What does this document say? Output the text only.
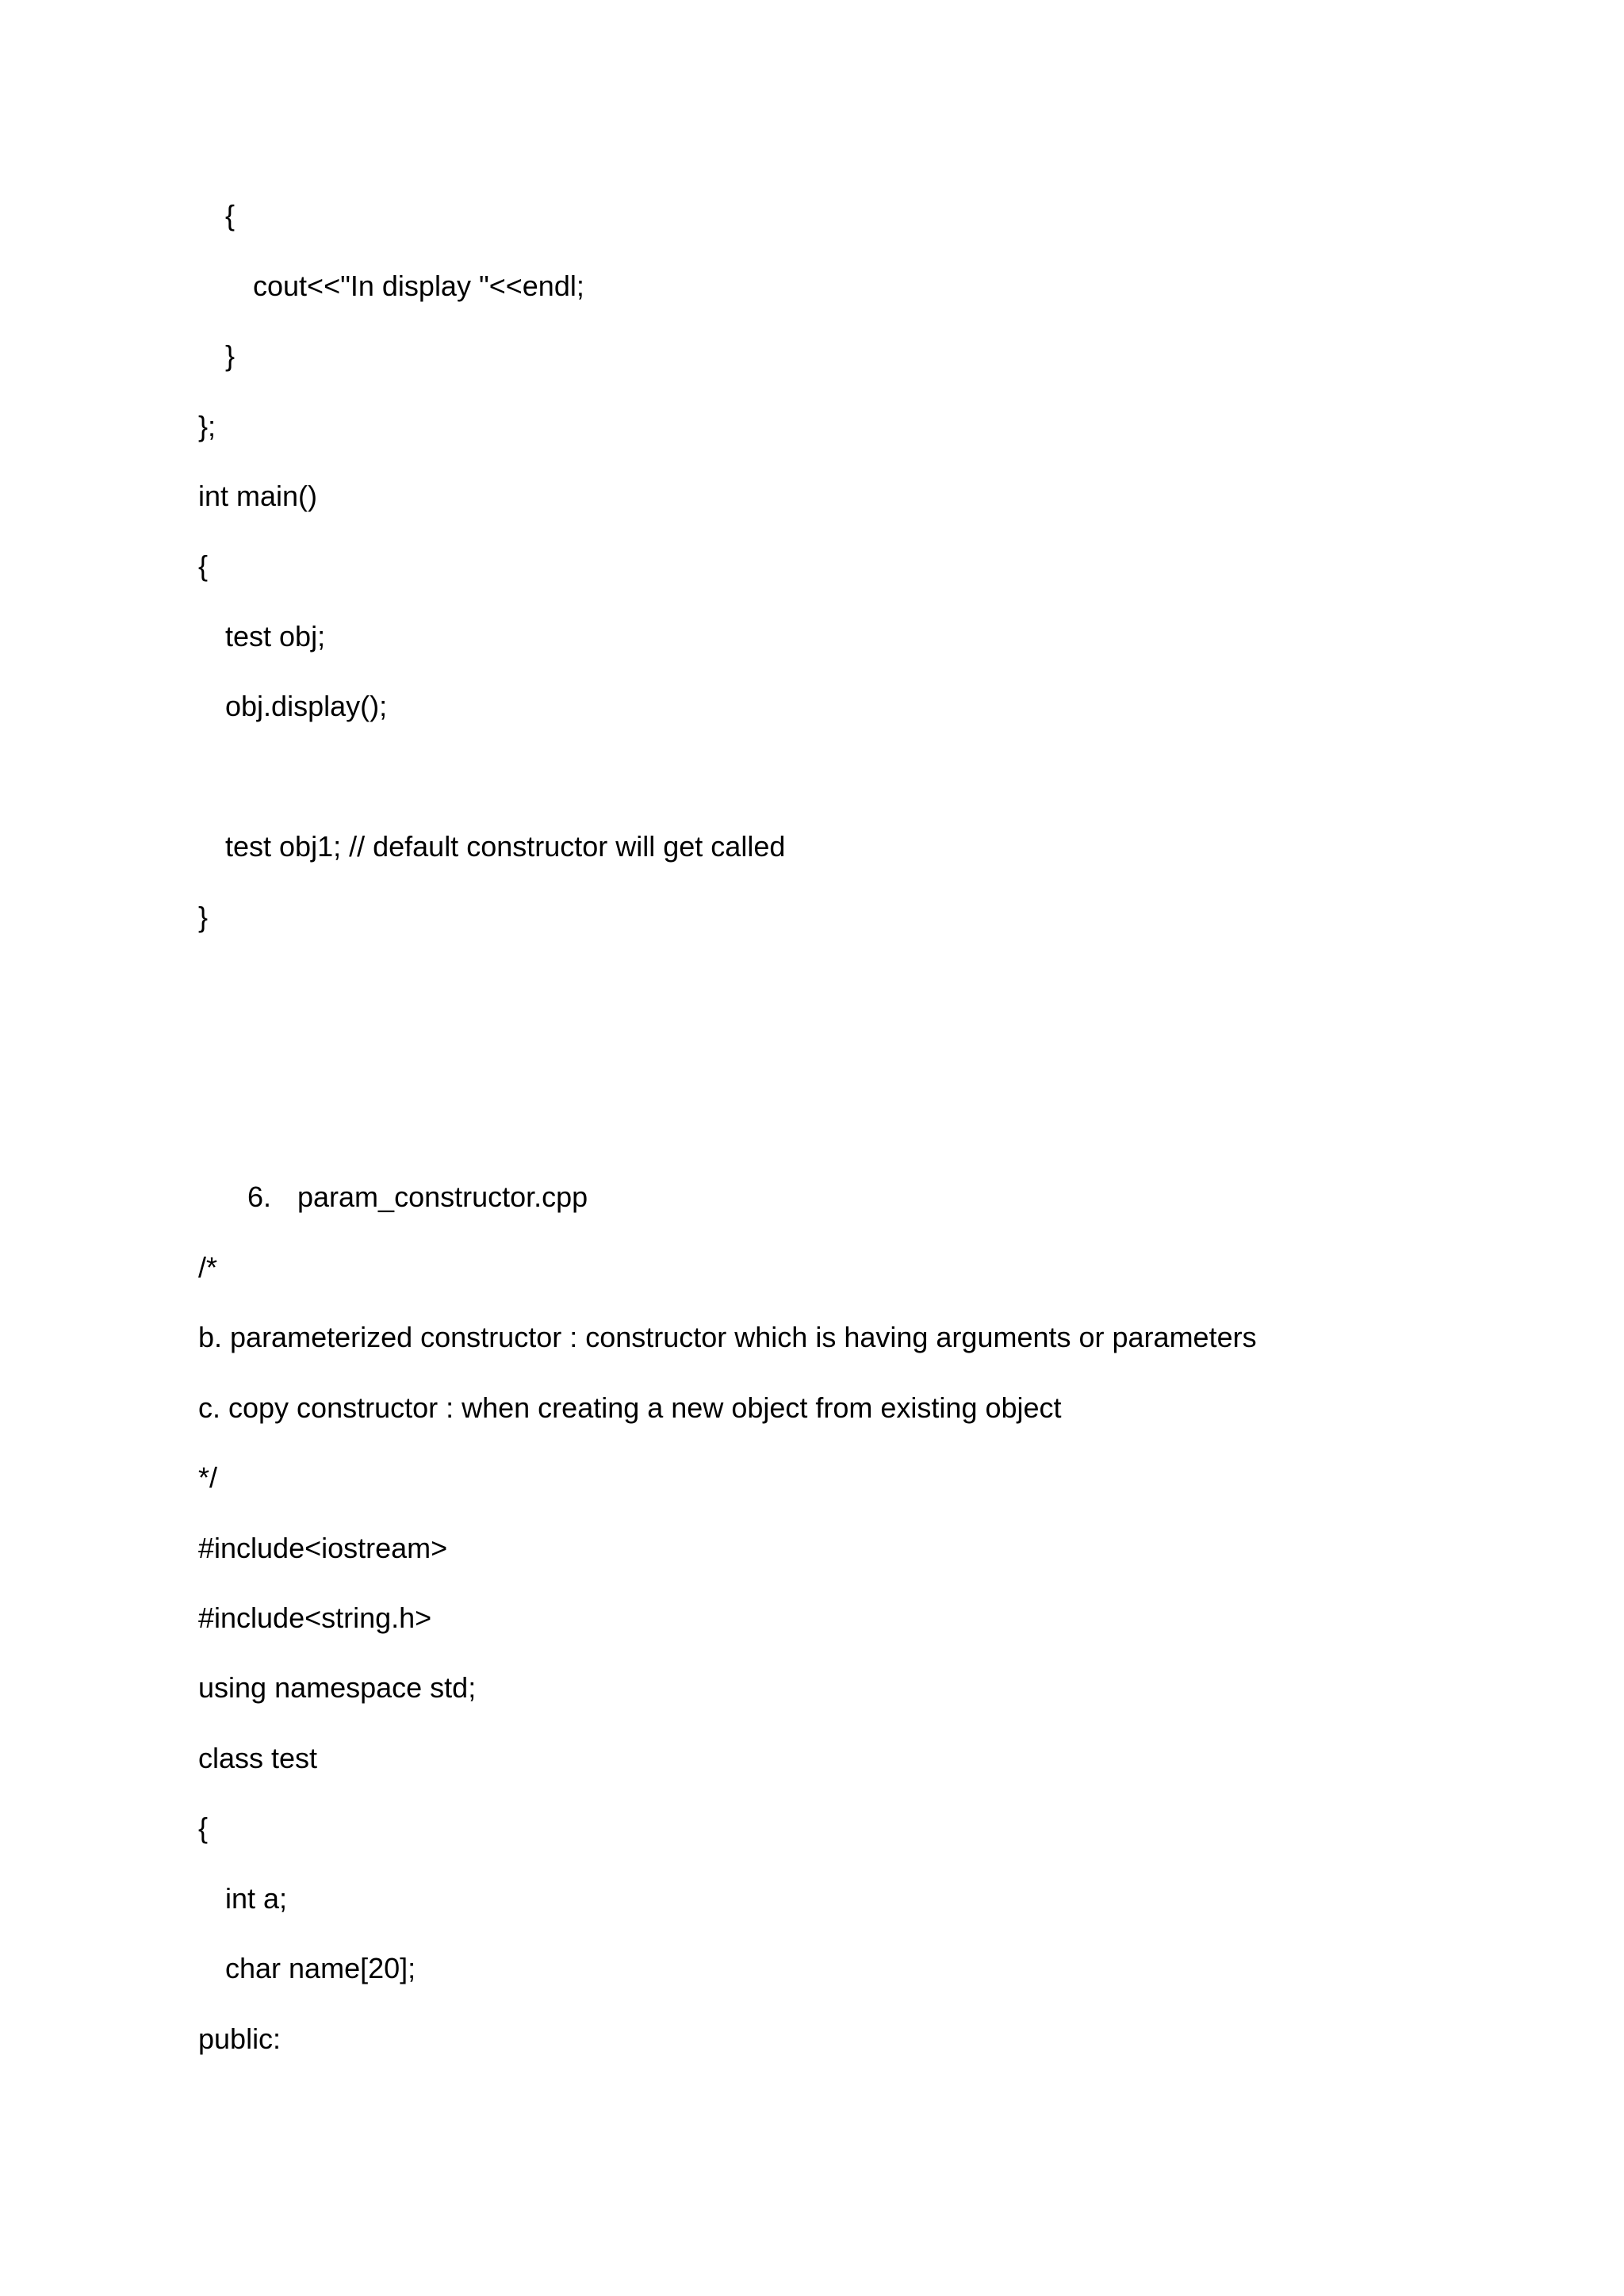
{
cout<<"In display "<<endl;
}
};
int main()
{
test obj;
obj.display();
test obj1; // default constructor will get called
}
6. param_constructor.cpp
/*
b. parameterized constructor : constructor which is having arguments or parameters
c. copy constructor : when creating a new object from existing object
*/
#include<iostream>
#include<string.h>
using namespace std;
class test
{
int a;
char name[20];
public:
